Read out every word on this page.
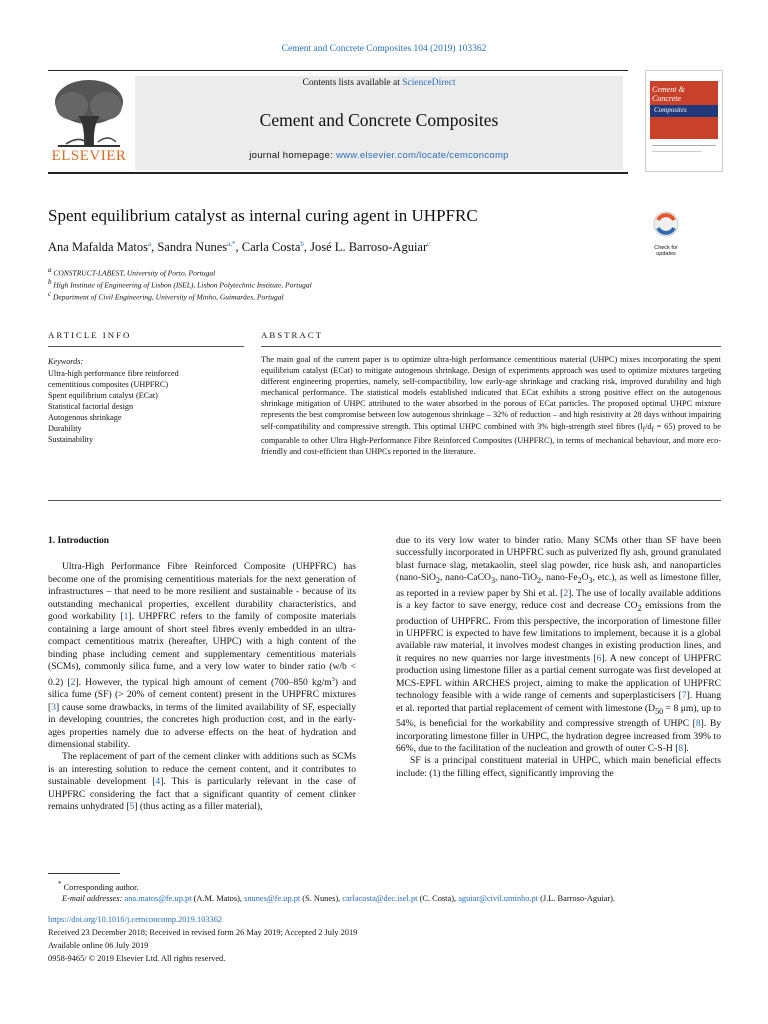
Cement and Concrete Composites 104 (2019) 103362
ELSEVIER
Contents lists available at ScienceDirect
Cement and Concrete Composites
journal homepage: www.elsevier.com/locate/cemconcomp
Cement &
Concrete
Composites
Spent equilibrium catalyst as internal curing agent in UHPFRC
Check for updates
Ana Mafalda Matos$^a$, Sandra Nunes$^{a,*}$, Carla Costa$^b$, José L. Barroso-Aguiar$^c$
$^a$ CONSTRUCT-LABEST, University of Porto, Portugal
$^b$ High Institute of Engineering of Lisbon (ISEL), Lisbon Polytechnic Institute, Portugal
$^c$ Department of Civil Engineering, University of Minho, Guimarães, Portugal
ARTICLE INFO	ABSTRACT
Keywords:
Ultra-high performance fibre reinforced
cementitious composites (UHPFRC)
Spent equilibrium catalyst (ECat)
Statistical factorial design
Autogenous shrinkage
Durability
Sustainability
The main goal of the current paper is to optimize ultra-high performance cementitious material (UHPC) mixes incorporating the spent equilibrium catalyst (ECat) to mitigate autogenous shrinkage. Design of experiments approach was used to optimize mixtures targeting different engineering properties, namely, self-compactibility, low early-age shrinkage and cracking risk, improved durability and high mechanical performance. The statistical models established indicated that ECat exhibits a strong positive effect on the autogenous shrinkage mitigation of UHPC attributed to the water absorbed in the porous of ECat particles. The proposed optimal UHPC mixture represents the best compromise between low autogenous shrinkage – 32% of reduction – and high resistivity at 28 days without impairing self-compatibility and compressive strength. This optimal UHPC combined with 3% high-strength steel fibres $(l_f/d_f = 65)$ proved to be comparable to other Ultra High-Performance Fibre Reinforced Composites (UHPFRC), in terms of mechanical behaviour, and more eco-friendly and cost-efficient than UHPCs reported in the literature.

1. Introduction

Ultra-High Performance Fibre Reinforced Composite (UHPFRC) has become one of the promising cementitious materials for the next generation of infrastructures – that need to be more resilient and sustainable - because of its outstanding mechanical properties, excellent durability characteristics, and good workability [1]. UHPFRC refers to the family of composite materials containing a large amount of short steel fibres evenly embedded in an ultra-compact cementitious matrix (hereafter, UHPC) with a high content of the binding phase including cement and supplementary cementitious materials (SCMs), commonly silica fume, and a very low water to binder ratio (w/b < 0.2) [2]. However, the typical high amount of cement (700–850 $kg/m^3$) and silica fume (SF) (> 20% of cement content) present in the UHPFRC mixtures [3] cause some drawbacks, in terms of the limited availability of SF, especially in developing countries, the concretes high production cost, and in the early-ages properties namely due to adverse effects on the heat of hydration and dimensional stability.

The replacement of part of the cement clinker with additions such as SCMs is an interesting solution to reduce the cement content, and it contributes to sustainable development [4]. This is particularly relevant in the case of UHPFRC considering the fact that a significant quantity of cement clinker remains unhydrated [5] (thus acting as a filler material),

due to its very low water to binder ratio. Many SCMs other than SF have been successfully incorporated in UHPFRC such as pulverized fly ash, ground granulated blast furnace slag, metakaolin, steel slag powder, rice husk ash, and nanoparticles (nano-SiO$_2$, nano-CaCO$_3$, nano-TiO$_2$, nano-$Fe_2O_3$, etc.), as well as limestone filler, as reported in a review paper by Shi et al. [2]. The use of locally available additions is a key factor to save energy, reduce cost and decrease $CO_2$ emissions from the production of UHPFRC. From this perspective, the incorporation of limestone filler in UHPFRC is expected to have few limitations to implement, because it is a global available raw material, it involves modest changes in existing production lines, and it requires no new quarries nor large investments [6]. A new concept of UHPFRC production using limestone filler as a partial cement surrogate was first developed at MCS-EPFL within ARCHES project, aiming to make the application of UHPFRC technology feasible with a wide range of cements and superplasticisers [7]. Huang et al. reported that partial replacement of cement with limestone ($D_{50} = 8$ μm), up to 54%, is beneficial for the workability and compressive strength of UHPC [8]. By incorporating limestone filler in UHPC, the hydration degree increased from 39% to 66%, due to the facilitation of the nucleation and growth of outer C-S-H [8].

SF is a principal constituent material in UHPC, which main beneficial effects include: (1) the filling effect, significantly improving the

* Corresponding author.
E-mail addresses: ana.matos@fe.up.pt (A.M. Matos), snunes@fe.up.pt (S. Nunes), carlacosta@dec.isel.pt (C. Costa), aguiar@civil.uminho.pt (J.L. Barroso-Aguiar).
https://doi.org/10.1016/j.cemconcomp.2019.103362
Received 23 December 2018; Received in revised form 26 May 2019; Accepted 2 July 2019
Available online 06 July 2019
0958-9465/ © 2019 Elsevier Ltd. All rights reserved.
